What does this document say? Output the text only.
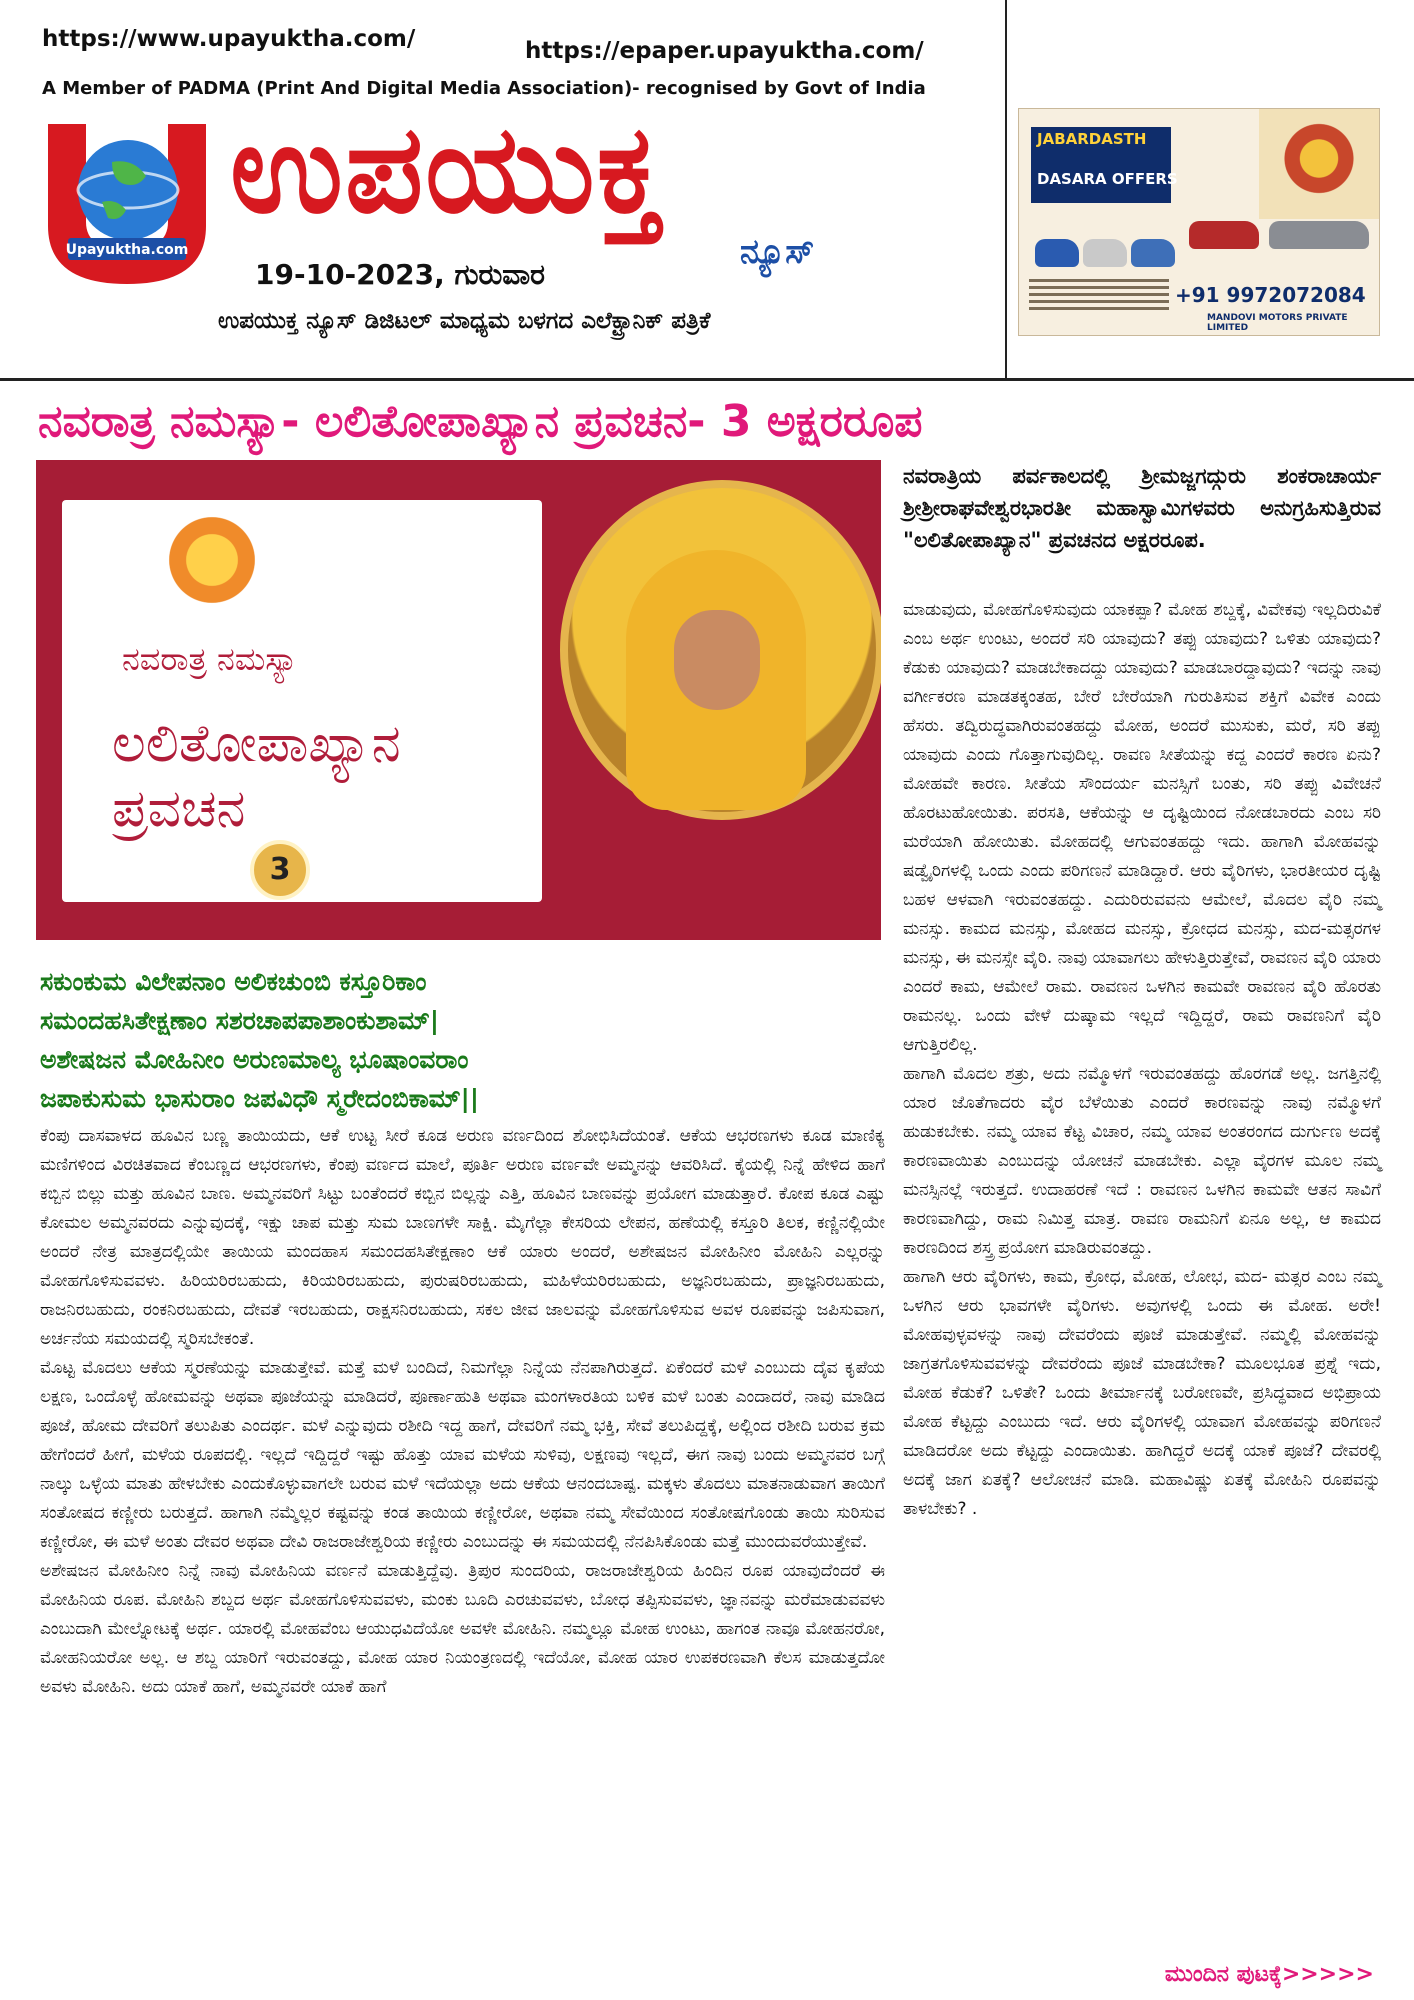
https://www.upayuktha.com/	https://epaper.upayuktha.com/
A Member of PADMA (Print And Digital Media Association)- recognised by Govt of India
Upayuktha.com
ಉಪಯುಕ್ತ
ನ್ಯೂಸ್
19-10-2023, ಗುರುವಾರ
ಉಪಯುಕ್ತ ನ್ಯೂಸ್ ಡಿಜಿಟಲ್ ಮಾಧ್ಯಮ ಬಳಗದ ಎಲೆಕ್ಟ್ರಾನಿಕ್ ಪತ್ರಿಕೆ
JABARDASTH
DASARA OFFERS
+91 9972072084
MANDOVI MOTORS PRIVATE LIMITED
ನವರಾತ್ರ ನಮಸ್ಯಾ- ಲಲಿತೋಪಾಖ್ಯಾನ ಪ್ರವಚನ- 3 ಅಕ್ಷರರೂಪ
ನವರಾತ್ರ ನಮಸ್ಯಾ
ಲಲಿತೋಪಾಖ್ಯಾನ
ಪ್ರವಚನ
3
ಸಕುಂಕುಮ ವಿಲೇಪನಾಂ ಅಲಿಕಚುಂಬಿ ಕಸ್ತೂರಿಕಾಂ
ಸಮಂದಹಸಿತೇಕ್ಷಣಾಂ ಸಶರಚಾಪಪಾಶಾಂಕುಶಾಮ್|
ಅಶೇಷಜನ ಮೋಹಿನೀಂ ಅರುಣಮಾಲ್ಯ ಭೂಷಾಂವರಾಂ
ಜಪಾಕುಸುಮ ಭಾಸುರಾಂ ಜಪವಿಧೌ ಸ್ಮರೇದಂಬಿಕಾಮ್||

ಕೆಂಪು ದಾಸವಾಳದ ಹೂವಿನ ಬಣ್ಣ ತಾಯಿಯದು, ಆಕೆ ಉಟ್ಟ ಸೀರೆ ಕೂಡ ಅರುಣ ವರ್ಣದಿಂದ ಶೋಭಿಸಿದೆಯಂತೆ. ಆಕೆಯ ಆಭರಣಗಳು ಕೂಡ ಮಾಣಿಕ್ಯ ಮಣಿಗಳಿಂದ ವಿರಚಿತವಾದ ಕೆಂಬಣ್ಣದ ಆಭರಣಗಳು, ಕೆಂಪು ವರ್ಣದ ಮಾಲೆ, ಪೂರ್ತಿ ಅರುಣ ವರ್ಣವೇ ಅಮ್ಮನನ್ನು ಆವರಿಸಿದೆ. ಕೈಯಲ್ಲಿ ನಿನ್ನೆ ಹೇಳಿದ ಹಾಗೆ ಕಬ್ಬಿನ ಬಿಲ್ಲು ಮತ್ತು ಹೂವಿನ ಬಾಣ. ಅಮ್ಮನವರಿಗೆ ಸಿಟ್ಟು ಬಂತೆಂದರೆ ಕಬ್ಬಿನ ಬಿಲ್ಲನ್ನು ಎತ್ತಿ, ಹೂವಿನ ಬಾಣವನ್ನು ಪ್ರಯೋಗ ಮಾಡುತ್ತಾರೆ. ಕೋಪ ಕೂಡ ಎಷ್ಟು ಕೋಮಲ ಅಮ್ಮನವರದು ಎನ್ನುವುದಕ್ಕೆ, ಇಕ್ಷು ಚಾಪ ಮತ್ತು ಸುಮ ಬಾಣಗಳೇ ಸಾಕ್ಷಿ. ಮೈಗೆಲ್ಲಾ ಕೇಸರಿಯ ಲೇಪನ, ಹಣೆಯಲ್ಲಿ ಕಸ್ತೂರಿ ತಿಲಕ, ಕಣ್ಣಿನಲ್ಲಿಯೇ ಅಂದರೆ ನೇತ್ರ ಮಾತ್ರದಲ್ಲಿಯೇ ತಾಯಿಯ ಮಂದಹಾಸ ಸಮಂದಹಸಿತೇಕ್ಷಣಾಂ ಆಕೆ ಯಾರು ಅಂದರೆ, ಅಶೇಷಜನ ಮೋಹಿನೀಂ ಮೋಹಿನಿ ಎಲ್ಲರನ್ನು ಮೋಹಗೊಳಿಸುವವಳು. ಹಿರಿಯರಿರಬಹುದು, ಕಿರಿಯರಿರಬಹುದು, ಪುರುಷರಿರಬಹುದು, ಮಹಿಳೆಯರಿರಬಹುದು, ಅಜ್ಞನಿರಬಹುದು, ಪ್ರಾಜ್ಞನಿರಬಹುದು, ರಾಜನಿರಬಹುದು, ರಂಕನಿರಬಹುದು, ದೇವತೆ ಇರಬಹುದು, ರಾಕ್ಷಸನಿರಬಹುದು, ಸಕಲ ಜೀವ ಜಾಲವನ್ನು ಮೋಹಗೊಳಿಸುವ ಅವಳ ರೂಪವನ್ನು ಜಪಿಸುವಾಗ, ಅರ್ಚನೆಯ ಸಮಯದಲ್ಲಿ ಸ್ಮರಿಸಬೇಕಂತೆ.

ಮೊಟ್ಟ ಮೊದಲು ಆಕೆಯ ಸ್ಮರಣೆಯನ್ನು ಮಾಡುತ್ತೇವೆ. ಮತ್ತೆ ಮಳೆ ಬಂದಿದೆ, ನಿಮಗೆಲ್ಲಾ ನಿನ್ನೆಯ ನೆನಪಾಗಿರುತ್ತದೆ. ಏಕೆಂದರೆ ಮಳೆ ಎಂಬುದು ದೈವ ಕೃಪೆಯ ಲಕ್ಷಣ, ಒಂದೊಳ್ಳೆ ಹೋಮವನ್ನು ಅಥವಾ ಪೂಜೆಯನ್ನು ಮಾಡಿದರೆ, ಪೂರ್ಣಾಹುತಿ ಅಥವಾ ಮಂಗಳಾರತಿಯ ಬಳಿಕ ಮಳೆ ಬಂತು ಎಂದಾದರೆ, ನಾವು ಮಾಡಿದ ಪೂಜೆ, ಹೋಮ ದೇವರಿಗೆ ತಲುಪಿತು ಎಂದರ್ಥ. ಮಳೆ ಎನ್ನುವುದು ರಶೀದಿ ಇದ್ದ ಹಾಗೆ, ದೇವರಿಗೆ ನಮ್ಮ ಭಕ್ತಿ, ಸೇವೆ ತಲುಪಿದ್ದಕ್ಕೆ, ಅಲ್ಲಿಂದ ರಶೀದಿ ಬರುವ ಕ್ರಮ ಹೇಗೆಂದರೆ ಹೀಗೆ, ಮಳೆಯ ರೂಪದಲ್ಲಿ. ಇಲ್ಲದೆ ಇದ್ದಿದ್ದರೆ ಇಷ್ಟು ಹೊತ್ತು ಯಾವ ಮಳೆಯ ಸುಳಿವು, ಲಕ್ಷಣವು ಇಲ್ಲದೆ, ಈಗ ನಾವು ಬಂದು ಅಮ್ಮನವರ ಬಗ್ಗೆ ನಾಲ್ಕು ಒಳ್ಳೆಯ ಮಾತು ಹೇಳಬೇಕು ಎಂದುಕೊಳ್ಳುವಾಗಲೇ ಬರುವ ಮಳೆ ಇದೆಯಲ್ಲಾ ಅದು ಆಕೆಯ ಆನಂದಬಾಷ್ಪ. ಮಕ್ಕಳು ತೊದಲು ಮಾತನಾಡುವಾಗ ತಾಯಿಗೆ ಸಂತೋಷದ ಕಣ್ಣೀರು ಬರುತ್ತದೆ. ಹಾಗಾಗಿ ನಮ್ಮೆಲ್ಲರ ಕಷ್ಟವನ್ನು ಕಂಡ ತಾಯಿಯ ಕಣ್ಣೀರೋ, ಅಥವಾ ನಮ್ಮ ಸೇವೆಯಿಂದ ಸಂತೋಷಗೊಂಡು ತಾಯಿ ಸುರಿಸುವ ಕಣ್ಣೀರೋ, ಈ ಮಳೆ ಅಂತು ದೇವರ ಅಥವಾ ದೇವಿ ರಾಜರಾಜೇಶ್ವರಿಯ ಕಣ್ಣೀರು ಎಂಬುದನ್ನು ಈ ಸಮಯದಲ್ಲಿ ನೆನಪಿಸಿಕೊಂಡು ಮತ್ತೆ ಮುಂದುವರೆಯುತ್ತೇವೆ.

ಅಶೇಷಜನ ಮೋಹಿನೀಂ ನಿನ್ನೆ ನಾವು ಮೋಹಿನಿಯ ವರ್ಣನೆ ಮಾಡುತ್ತಿದ್ದೆವು. ತ್ರಿಪುರ ಸುಂದರಿಯ, ರಾಜರಾಜೇಶ್ವರಿಯ ಹಿಂದಿನ ರೂಪ ಯಾವುದೆಂದರೆ ಈ ಮೋಹಿನಿಯ ರೂಪ. ಮೋಹಿನಿ ಶಬ್ದದ ಅರ್ಥ ಮೋಹಗೊಳಿಸುವವಳು, ಮಂಕು ಬೂದಿ ಎರಚುವವಳು, ಬೋಧ ತಪ್ಪಿಸುವವಳು, ಜ್ಞಾನವನ್ನು ಮರೆಮಾಡುವವಳು ಎಂಬುದಾಗಿ ಮೇಲ್ನೋಟಕ್ಕೆ ಅರ್ಥ. ಯಾರಲ್ಲಿ ಮೋಹವೆಂಬ ಆಯುಧವಿದೆಯೋ ಅವಳೇ ಮೋಹಿನಿ. ನಮ್ಮಲ್ಲೂ ಮೋಹ ಉಂಟು, ಹಾಗಂತ ನಾವೂ ಮೋಹನರೋ, ಮೋಹನಿಯರೋ ಅಲ್ಲ. ಆ ಶಬ್ದ ಯಾರಿಗೆ ಇರುವಂತದ್ದು, ಮೋಹ ಯಾರ ನಿಯಂತ್ರಣದಲ್ಲಿ ಇದೆಯೋ, ಮೋಹ ಯಾರ ಉಪಕರಣವಾಗಿ ಕೆಲಸ ಮಾಡುತ್ತದೋ ಅವಳು ಮೋಹಿನಿ. ಅದು ಯಾಕೆ ಹಾಗೆ, ಅಮ್ಮನವರೇ ಯಾಕೆ ಹಾಗೆ

ನವರಾತ್ರಿಯ ಪರ್ವಕಾಲದಲ್ಲಿ ಶ್ರೀಮಜ್ಜಗದ್ಗುರು ಶಂಕರಾಚಾರ್ಯ ಶ್ರೀಶ್ರೀರಾಘವೇಶ್ವರಭಾರತೀ ಮಹಾಸ್ವಾಮಿಗಳವರು ಅನುಗ್ರಹಿಸುತ್ತಿರುವ "ಲಲಿತೋಪಾಖ್ಯಾನ" ಪ್ರವಚನದ ಅಕ್ಷರರೂಪ.

ಮಾಡುವುದು, ಮೋಹಗೊಳಿಸುವುದು ಯಾಕಪ್ಪಾ? ಮೋಹ ಶಬ್ದಕ್ಕೆ, ವಿವೇಕವು ಇಲ್ಲದಿರುವಿಕೆ ಎಂಬ ಅರ್ಥ ಉಂಟು, ಅಂದರೆ ಸರಿ ಯಾವುದು? ತಪ್ಪು ಯಾವುದು? ಒಳಿತು ಯಾವುದು? ಕೆಡುಕು ಯಾವುದು? ಮಾಡಬೇಕಾದದ್ದು ಯಾವುದು? ಮಾಡಬಾರದ್ದಾವುದು? ಇದನ್ನು ನಾವು ವರ್ಗೀಕರಣ ಮಾಡತಕ್ಕಂತಹ, ಬೇರೆ ಬೇರೆಯಾಗಿ ಗುರುತಿಸುವ ಶಕ್ತಿಗೆ ವಿವೇಕ ಎಂದು ಹೆಸರು. ತದ್ವಿರುದ್ಧವಾಗಿರುವಂತಹದ್ದು ಮೋಹ, ಅಂದರೆ ಮುಸುಕು, ಮರೆ, ಸರಿ ತಪ್ಪು ಯಾವುದು ಎಂದು ಗೊತ್ತಾಗುವುದಿಲ್ಲ. ರಾವಣ ಸೀತೆಯನ್ನು ಕದ್ದ ಎಂದರೆ ಕಾರಣ ಏನು? ಮೋಹವೇ ಕಾರಣ. ಸೀತೆಯ ಸೌಂದರ್ಯ ಮನಸ್ಸಿಗೆ ಬಂತು, ಸರಿ ತಪ್ಪು ವಿವೇಚನೆ ಹೊರಟುಹೋಯಿತು. ಪರಸತಿ, ಆಕೆಯನ್ನು ಆ ದೃಷ್ಟಿಯಿಂದ ನೋಡಬಾರದು ಎಂಬ ಸರಿ ಮರೆಯಾಗಿ ಹೋಯಿತು. ಮೋಹದಲ್ಲಿ ಆಗುವಂತಹದ್ದು ಇದು. ಹಾಗಾಗಿ ಮೋಹವನ್ನು ಷಡ್ವೈರಿಗಳಲ್ಲಿ ಒಂದು ಎಂದು ಪರಿಗಣನೆ ಮಾಡಿದ್ದಾರೆ. ಆರು ವೈರಿಗಳು, ಭಾರತೀಯರ ದೃಷ್ಟಿ ಬಹಳ ಆಳವಾಗಿ ಇರುವಂತಹದ್ದು. ಎದುರಿರುವವನು ಆಮೇಲೆ, ಮೊದಲ ವೈರಿ ನಮ್ಮ ಮನಸ್ಸು. ಕಾಮದ ಮನಸ್ಸು, ಮೋಹದ ಮನಸ್ಸು, ಕ್ರೋಧದ ಮನಸ್ಸು, ಮದ-ಮತ್ಸರಗಳ ಮನಸ್ಸು, ಈ ಮನಸ್ಸೇ ವೈರಿ. ನಾವು ಯಾವಾಗಲು ಹೇಳುತ್ತಿರುತ್ತೇವೆ, ರಾವಣನ ವೈರಿ ಯಾರು ಎಂದರೆ ಕಾಮ, ಆಮೇಲೆ ರಾಮ. ರಾವಣನ ಒಳಗಿನ ಕಾಮವೇ ರಾವಣನ ವೈರಿ ಹೊರತು ರಾಮನಲ್ಲ. ಒಂದು ವೇಳೆ ದುಷ್ಕಾಮ ಇಲ್ಲದೆ ಇದ್ದಿದ್ದರೆ, ರಾಮ ರಾವಣನಿಗೆ ವೈರಿ ಆಗುತ್ತಿರಲಿಲ್ಲ.

ಹಾಗಾಗಿ ಮೊದಲ ಶತ್ರು, ಅದು ನಮ್ಮೊಳಗೆ ಇರುವಂತಹದ್ದು ಹೊರಗಡೆ ಅಲ್ಲ. ಜಗತ್ತಿನಲ್ಲಿ ಯಾರ ಜೊತೆಗಾದರು ವೈರ ಬೆಳೆಯಿತು ಎಂದರೆ ಕಾರಣವನ್ನು ನಾವು ನಮ್ಮೊಳಗೆ ಹುಡುಕಬೇಕು. ನಮ್ಮ ಯಾವ ಕೆಟ್ಟ ವಿಚಾರ, ನಮ್ಮ ಯಾವ ಅಂತರಂಗದ ದುರ್ಗುಣ ಅದಕ್ಕೆ ಕಾರಣವಾಯಿತು ಎಂಬುದನ್ನು ಯೋಚನೆ ಮಾಡಬೇಕು. ಎಲ್ಲಾ ವೈರಗಳ ಮೂಲ ನಮ್ಮ ಮನಸ್ಸಿನಲ್ಲೆ ಇರುತ್ತದೆ. ಉದಾಹರಣೆ ಇದೆ : ರಾವಣನ ಒಳಗಿನ ಕಾಮವೇ ಆತನ ಸಾವಿಗೆ ಕಾರಣವಾಗಿದ್ದು, ರಾಮ ನಿಮಿತ್ತ ಮಾತ್ರ. ರಾವಣ ರಾಮನಿಗೆ ಏನೂ ಅಲ್ಲ, ಆ ಕಾಮದ ಕಾರಣದಿಂದ ಶಸ್ತ್ರ ಪ್ರಯೋಗ ಮಾಡಿರುವಂತದ್ದು.

ಹಾಗಾಗಿ ಆರು ವೈರಿಗಳು, ಕಾಮ, ಕ್ರೋಧ, ಮೋಹ, ಲೋಭ, ಮದ- ಮತ್ಸರ ಎಂಬ ನಮ್ಮ ಒಳಗಿನ ಆರು ಭಾವಗಳೇ ವೈರಿಗಳು. ಅವುಗಳಲ್ಲಿ ಒಂದು ಈ ಮೋಹ. ಅರೇ! ಮೋಹವುಳ್ಳವಳನ್ನು ನಾವು ದೇವರೆಂದು ಪೂಜೆ ಮಾಡುತ್ತೇವೆ. ನಮ್ಮಲ್ಲಿ ಮೋಹವನ್ನು ಜಾಗ್ರತಗೊಳಿಸುವವಳನ್ನು ದೇವರೆಂದು ಪೂಜೆ ಮಾಡಬೇಕಾ? ಮೂಲಭೂತ ಪ್ರಶ್ನೆ ಇದು, ಮೋಹ ಕೆಡುಕೆ? ಒಳಿತೇ? ಒಂದು ತೀರ್ಮಾನಕ್ಕೆ ಬರೋಣವೇ, ಪ್ರಸಿದ್ಧವಾದ ಅಭಿಪ್ರಾಯ ಮೋಹ ಕೆಟ್ಟದ್ದು ಎಂಬುದು ಇದೆ. ಆರು ವೈರಿಗಳಲ್ಲಿ ಯಾವಾಗ ಮೋಹವನ್ನು ಪರಿಗಣನೆ ಮಾಡಿದರೋ ಅದು ಕೆಟ್ಟದ್ದು ಎಂದಾಯಿತು. ಹಾಗಿದ್ದರೆ ಅದಕ್ಕೆ ಯಾಕೆ ಪೂಜೆ? ದೇವರಲ್ಲಿ ಅದಕ್ಕೆ ಜಾಗ ಏತಕ್ಕೆ? ಆಲೋಚನೆ ಮಾಡಿ. ಮಹಾವಿಷ್ಣು ಏತಕ್ಕೆ ಮೋಹಿನಿ ರೂಪವನ್ನು ತಾಳಬೇಕು? .

ಮುಂದಿನ ಪುಟಕ್ಕೆ>>>>>
